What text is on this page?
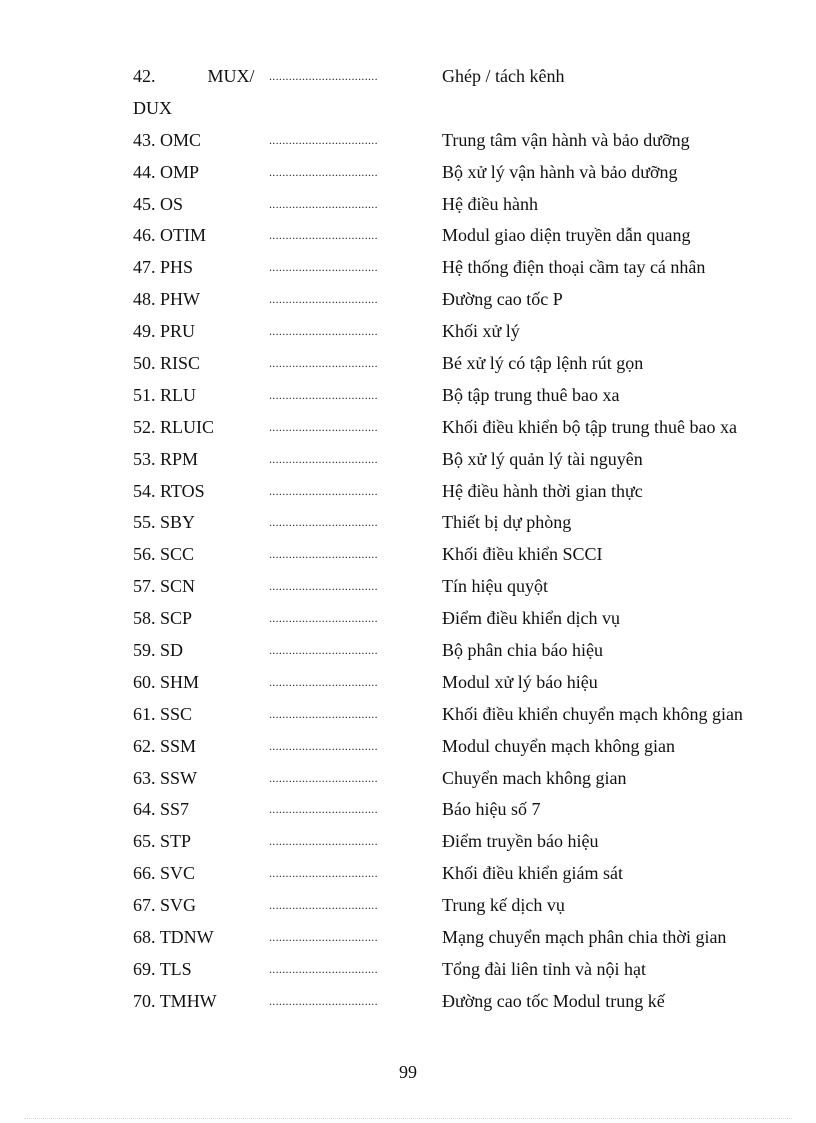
42.	MUX/ .................................	Ghép / tách kênh
DUX
43. OMC	.................................	Trung tâm vận hành và bảo dưỡng
44. OMP	.................................	Bộ xử lý vận hành và bảo dưỡng
45. OS	.................................	Hệ điều hành
46. OTIM	.................................	Modul giao diện truyền dẫn quang
47. PHS	.................................	Hệ thống điện thoại cầm tay cá nhân
48. PHW	.................................	Đường cao tốc P
49. PRU	.................................	Khối xử lý
50. RISC	.................................	Bé xử lý có tập lệnh rút gọn
51. RLU	.................................	Bộ tập trung thuê bao xa
52. RLUIC	.................................	Khối điều khiển bộ tập trung thuê bao xa
53. RPM	.................................	Bộ xử lý quản lý tài nguyên
54. RTOS	.................................	Hệ điều hành thời gian thực
55. SBY	.................................	Thiết bị dự phòng
56. SCC	.................................	Khối điều khiển SCCI
57. SCN	.................................	Tín hiệu quyột
58. SCP	.................................	Điểm điều khiển dịch vụ
59. SD	.................................	Bộ phân chia báo hiệu
60. SHM	.................................	Modul xử lý báo hiệu
61. SSC	.................................	Khối điều khiển chuyển mạch không gian
62. SSM	.................................	Modul chuyển mạch không gian
63. SSW	.................................	Chuyển mach không gian
64. SS7	.................................	Báo hiệu số 7
65. STP	.................................	Điểm truyền báo hiệu
66. SVC	.................................	Khối điều khiển giám sát
67. SVG	.................................	Trung kế dịch vụ
68. TDNW	.................................	Mạng chuyển mạch phân chia thời gian
69. TLS	.................................	Tổng đài liên tỉnh và nội hạt
70. TMHW	.................................	Đường cao tốc Modul trung kế
99
